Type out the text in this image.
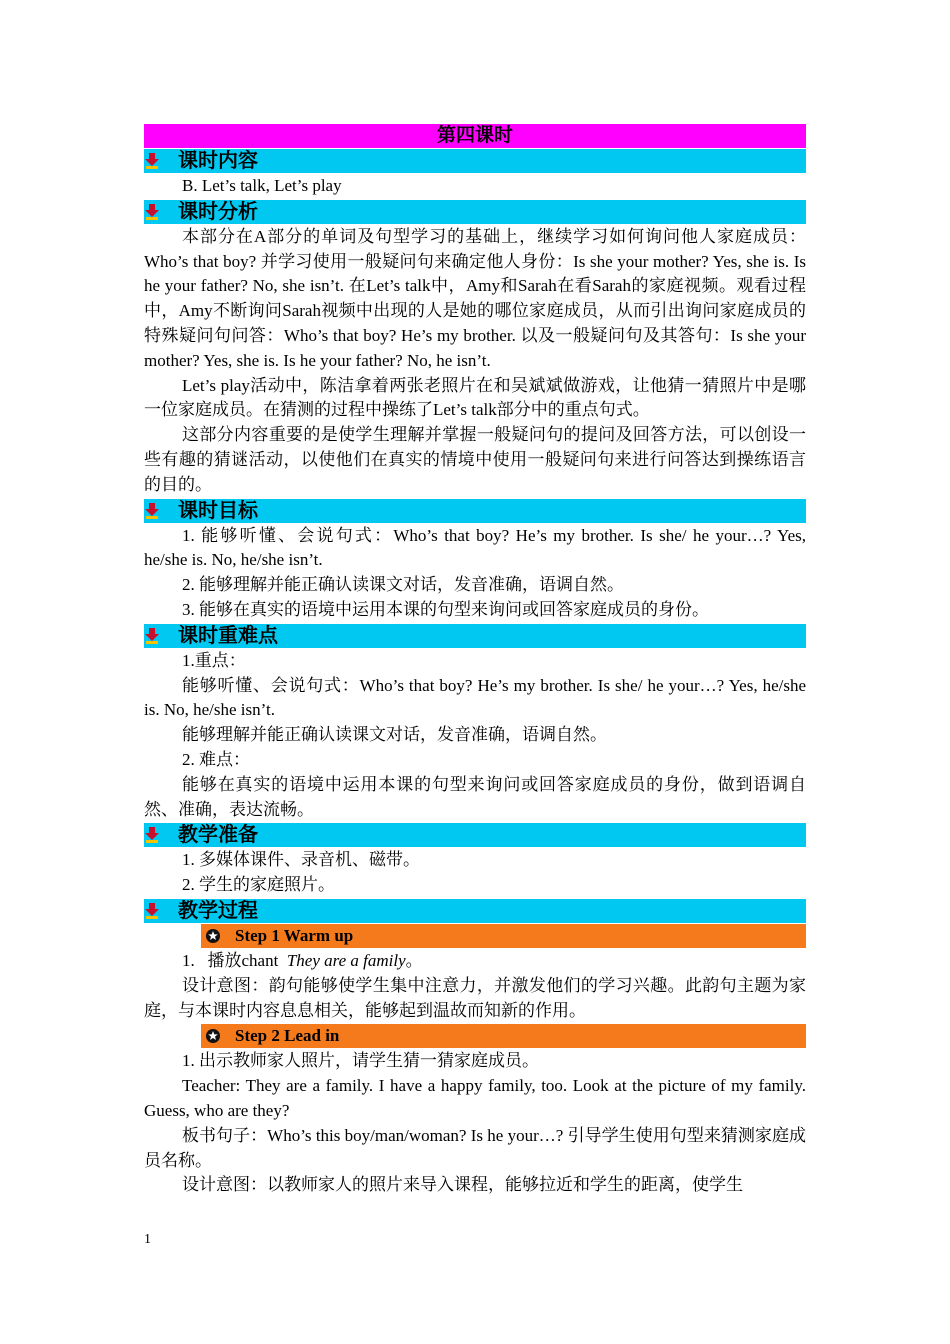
第四课时
课时内容

B. Let’s talk, Let’s play

课时分析

本部分在A部分的单词及句型学习的基础上，继续学习如何询问他人家庭成员：Who’s that boy? 并学习使用一般疑问句来确定他人身份：Is she your mother? Yes, she is. Is he your father? No, she isn’t. 在Let’s talk中，Amy和Sarah在看Sarah的家庭视频。观看过程中，Amy不断询问Sarah视频中出现的人是她的哪位家庭成员，从而引出询问家庭成员的特殊疑问句问答：Who’s that boy? He’s my brother. 以及一般疑问句及其答句：Is she your mother? Yes, she is. Is he your father? No, he isn’t.

Let’s play活动中，陈洁拿着两张老照片在和吴斌斌做游戏，让他猜一猜照片中是哪一位家庭成员。在猜测的过程中操练了Let’s talk部分中的重点句式。

这部分内容重要的是使学生理解并掌握一般疑问句的提问及回答方法，可以创设一些有趣的猜谜活动，以使他们在真实的情境中使用一般疑问句来进行问答达到操练语言的目的。

课时目标

1. 能够听懂、会说句式：Who’s that boy? He’s my brother. Is she/ he your…? Yes, he/she is. No, he/she isn’t.

2. 能够理解并能正确认读课文对话，发音准确，语调自然。

3. 能够在真实的语境中运用本课的句型来询问或回答家庭成员的身份。

课时重难点

1.重点：

能够听懂、会说句式：Who’s that boy? He’s my brother. Is she/ he your…? Yes, he/she is. No, he/she isn’t.

能够理解并能正确认读课文对话，发音准确，语调自然。

2. 难点：

能够在真实的语境中运用本课的句型来询问或回答家庭成员的身份，做到语调自然、准确，表达流畅。

教学准备

1. 多媒体课件、录音机、磁带。

2. 学生的家庭照片。

教学过程
Step 1 Warm up

1.   播放chant  They are a family。

设计意图：韵句能够使学生集中注意力，并激发他们的学习兴趣。此韵句主题为家庭，与本课时内容息息相关，能够起到温故而知新的作用。

Step 2 Lead in

1. 出示教师家人照片，请学生猜一猜家庭成员。

Teacher: They are a family. I have a happy family, too. Look at the picture of my family. Guess, who are they?

板书句子：Who’s this boy/man/woman? Is he your…? 引导学生使用句型来猜测家庭成员名称。

设计意图：以教师家人的照片来导入课程，能够拉近和学生的距离，使学生

1
